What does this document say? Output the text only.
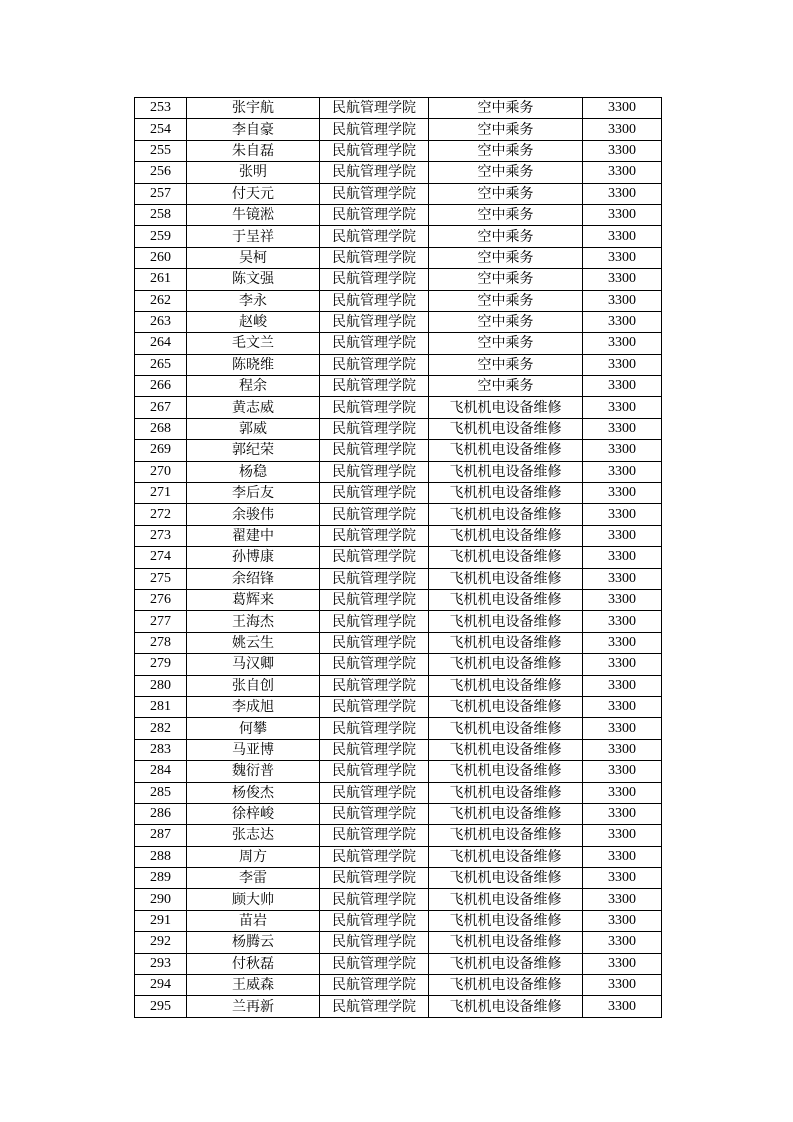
253	张宇航	民航管理学院	空中乘务	3300
254	李自豪	民航管理学院	空中乘务	3300
255	朱自磊	民航管理学院	空中乘务	3300
256	张明	民航管理学院	空中乘务	3300
257	付天元	民航管理学院	空中乘务	3300
258	牛镜淞	民航管理学院	空中乘务	3300
259	于呈祥	民航管理学院	空中乘务	3300
260	吴柯	民航管理学院	空中乘务	3300
261	陈文强	民航管理学院	空中乘务	3300
262	李永	民航管理学院	空中乘务	3300
263	赵峻	民航管理学院	空中乘务	3300
264	毛文兰	民航管理学院	空中乘务	3300
265	陈晓维	民航管理学院	空中乘务	3300
266	程余	民航管理学院	空中乘务	3300
267	黄志威	民航管理学院	飞机机电设备维修	3300
268	郭威	民航管理学院	飞机机电设备维修	3300
269	郭纪荣	民航管理学院	飞机机电设备维修	3300
270	杨稳	民航管理学院	飞机机电设备维修	3300
271	李后友	民航管理学院	飞机机电设备维修	3300
272	余骏伟	民航管理学院	飞机机电设备维修	3300
273	翟建中	民航管理学院	飞机机电设备维修	3300
274	孙博康	民航管理学院	飞机机电设备维修	3300
275	余绍锋	民航管理学院	飞机机电设备维修	3300
276	葛辉来	民航管理学院	飞机机电设备维修	3300
277	王海杰	民航管理学院	飞机机电设备维修	3300
278	姚云生	民航管理学院	飞机机电设备维修	3300
279	马汉卿	民航管理学院	飞机机电设备维修	3300
280	张自创	民航管理学院	飞机机电设备维修	3300
281	李成旭	民航管理学院	飞机机电设备维修	3300
282	何攀	民航管理学院	飞机机电设备维修	3300
283	马亚博	民航管理学院	飞机机电设备维修	3300
284	魏衍普	民航管理学院	飞机机电设备维修	3300
285	杨俊杰	民航管理学院	飞机机电设备维修	3300
286	徐梓峻	民航管理学院	飞机机电设备维修	3300
287	张志达	民航管理学院	飞机机电设备维修	3300
288	周方	民航管理学院	飞机机电设备维修	3300
289	李雷	民航管理学院	飞机机电设备维修	3300
290	顾大帅	民航管理学院	飞机机电设备维修	3300
291	苗岩	民航管理学院	飞机机电设备维修	3300
292	杨腾云	民航管理学院	飞机机电设备维修	3300
293	付秋磊	民航管理学院	飞机机电设备维修	3300
294	王威森	民航管理学院	飞机机电设备维修	3300
295	兰再新	民航管理学院	飞机机电设备维修	3300
